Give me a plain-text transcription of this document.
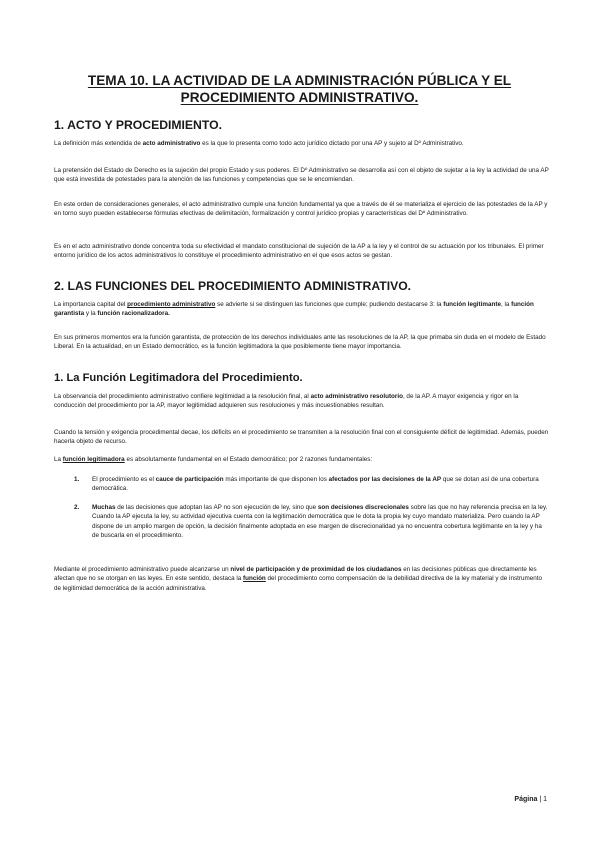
TEMA 10. LA ACTIVIDAD DE LA ADMINISTRACIÓN PÚBLICA Y EL PROCEDIMIENTO ADMINISTRATIVO.
1. ACTO Y PROCEDIMIENTO.
La definición más extendida de acto administrativo es la que lo presenta como todo acto jurídico dictado por una AP y sujeto al Dº Administrativo.
La pretensión del Estado de Derecho es la sujeción del propio Estado y sus poderes. El Dº Administrativo se desarrolla así con el objeto de sujetar a la ley la actividad de una AP que está investida de potestades para la atención de las funciones y competencias que se le encomiendan.
En este orden de consideraciones generales, el acto administrativo cumple una función fundamental ya que a través de él se materializa el ejercicio de las potestades de la AP y en torno suyo pueden establecerse fórmulas efectivas de delimitación, formalización y control jurídico propias y características del Dº Administrativo.
Es en el acto administrativo donde concentra toda su efectividad el mandato constitucional de sujeción de la AP a la ley y el control de su actuación por los tribunales. El primer entorno jurídico de los actos administrativos lo constituye el procedimiento administrativo en el que esos actos se gestan.
2. LAS FUNCIONES DEL PROCEDIMIENTO ADMINISTRATIVO.
La importancia capital del procedimiento administrativo se advierte si se distinguen las funciones que cumple; pudiendo destacarse 3: la función legitimante, la función garantista y la función racionalizadora.
En sus primeros momentos era la función garantista, de protección de los derechos individuales ante las resoluciones de la AP, la que primaba sin duda en el modelo de Estado Liberal. En la actualidad, en un Estado democrático, es la función legitimadora la que posiblemente tiene mayor importancia.
1. La Función Legitimadora del Procedimiento.
La observancia del procedimiento administrativo confiere legitimidad a la resolución final, al acto administrativo resolutorio, de la AP. A mayor exigencia y rigor en la conducción del procedimiento por la AP, mayor legitimidad adquieren sus resoluciones y más incuestionables resultan.
Cuando la tensión y exigencia procedimental decae, los déficits en el procedimiento se transmiten a la resolución final con el consiguiente déficit de legitimidad. Además, pueden hacerla objeto de recurso.
La función legitimadora es absolutamente fundamental en el Estado democrático; por 2 razones fundamentales:
1. El procedimiento es el cauce de participación más importante de que disponen los afectados por las decisiones de la AP que se dotan así de una cobertura democrática.
2. Muchas de las decisiones que adoptan las AP no son ejecución de ley, sino que son decisiones discrecionales sobre las que no hay referencia precisa en la ley. Cuando la AP ejecuta la ley, su actividad ejecutiva cuenta con la legitimación democrática que le dota la propia ley cuyo mandato materializa. Pero cuando la AP dispone de un amplio margen de opción, la decisión finalmente adoptada en ese margen de discrecionalidad ya no encuentra cobertura legitimante en la ley y ha de buscarla en el procedimiento.
Mediante el procedimiento administrativo puede alcanzarse un nivel de participación y de proximidad de los ciudadanos en las decisiones públicas que directamente les afectan que no se otorgan en las leyes. En este sentido, destaca la función del procedimiento como compensación de la debilidad directiva de la ley material y de instrumento de legitimidad democrática de la acción administrativa.
Página | 1
